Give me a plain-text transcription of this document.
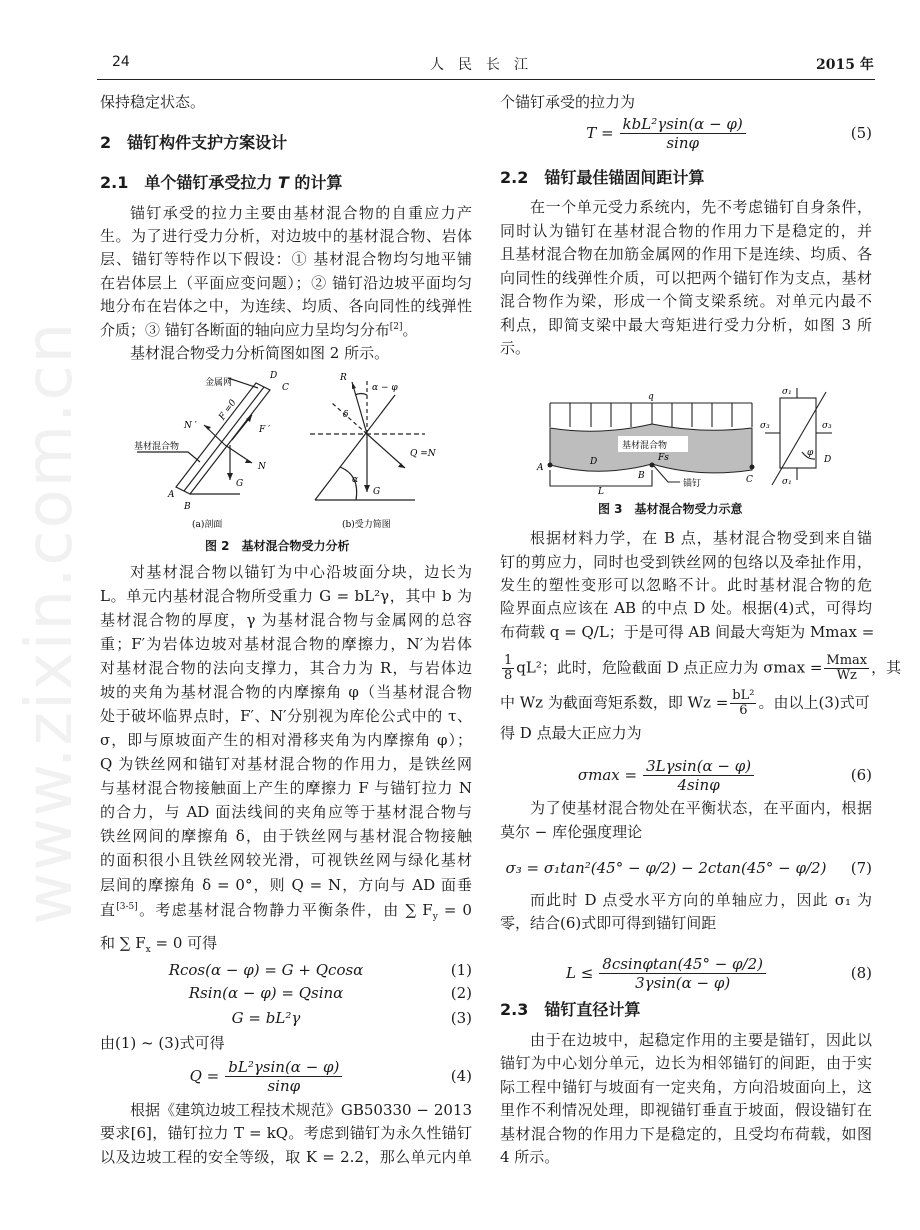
www.zixin.com.cn
24	人　民　长　江	2015 年
保持稳定状态。
2　锚钉构件支护方案设计
2.1　单个锚钉承受拉力 T 的计算
锚钉承受的拉力主要由基材混合物的自重应力产
生。为了进行受力分析，对边坡中的基材混合物、岩体
层、锚钉等特作以下假设：① 基材混合物均匀地平铺
在岩体层上（平面应变问题）；② 锚钉沿边坡平面均匀
地分布在岩体之中，为连续、均质、各向同性的线弹性
介质；③ 锚钉各断面的轴向应力呈均匀分布[2]。
基材混合物受力分析简图如图 2 所示。
金属网
D
C
N ′
F =0
F ′
基材混合物
N
G
A
B
R
α − φ
δ
Q =N
G
α
(a)剖面	(b)受力简图
图 2　基材混合物受力分析
对基材混合物以锚钉为中心沿坡面分块，边长为
L。单元内基材混合物所受重力 G = bL²γ，其中 b 为
基材混合物的厚度，γ 为基材混合物与金属网的总容
重；F′为岩体边坡对基材混合物的摩擦力，N′为岩体
对基材混合物的法向支撑力，其合力为 R，与岩体边
坡的夹角为基材混合物的内摩擦角 φ（当基材混合物
处于破坏临界点时，F′、N′分别视为库伦公式中的 τ、
σ，即与原坡面产生的相对滑移夹角为内摩擦角 φ）；
Q 为铁丝网和锚钉对基材混合物的作用力，是铁丝网
与基材混合物接触面上产生的摩擦力 F 与锚钉拉力 N
的合力，与 AD 面法线间的夹角应等于基材混合物与
铁丝网间的摩擦角 δ，由于铁丝网与基材混合物接触
的面积很小且铁丝网较光滑，可视铁丝网与绿化基材
层间的摩擦角 δ = 0°，则 Q = N，方向与 AD 面垂
直[3-5]。考虑基材混合物静力平衡条件，由 ∑ $F_y = 0$
和 ∑ $F_x = 0$ 可得
Rcos(α − φ) = G + Qcosα	(1)
Rsin(α − φ) = Qsinα	(2)
G = bL²γ	(3)
由(1) ~ (3)式可得
$Q = \frac{\text{bL²γsin(α − φ)}}{\sin\varphi}$	(4)
根据《建筑边坡工程技术规范》GB50330 − 2013
要求[6]，锚钉拉力 T = kQ。考虑到锚钉为永久性锚钉
以及边坡工程的安全等级，取 K = 2.2，那么单元内单
个锚钉承受的拉力为
$T = \frac{\text{kbL²γsin(α − φ)}}{\sin\varphi}$	(5)
2.2　锚钉最佳锚固间距计算
在一个单元受力系统内，先不考虑锚钉自身条件，
同时认为锚钉在基材混合物的作用力下是稳定的，并
且基材混合物在加筋金属网的作用下是连续、均质、各
向同性的线弹性介质，可以把两个锚钉作为支点，基材
混合物作为梁，形成一个简支梁系统。对单元内最不
利点，即简支梁中最大弯矩进行受力分析，如图 3 所
示。
q
基材混合物
A
D	Fs
B
L
C
锚钉
σ₁
σ₃	σ₃
φ
D
σ₁
图 3　基材混合物受力示意
根据材料力学，在 B 点，基材混合物受到来自锚
钉的剪应力，同时也受到铁丝网的包络以及牵扯作用，
发生的塑性变形可以忽略不计。此时基材混合物的危
险界面点应该在 AB 的中点 D 处。根据(4)式，可得均
布荷载 q = Q/L；于是可得 AB 间最大弯矩为 Mmax =
$\frac{1}{8} qL^2$；此时，危险截面 D 点正应力为 σmax = Mmax
Wz ，其
中 Wz 为截面弯矩系数，即 $Wz = \frac{\text{bL²}}{6}$ 。由以上(3)式可
得 D 点最大正应力为
$\sigma\max = \frac{3L\gamma\sin(\alpha - \varphi)}{4\sin\varphi}$	(6)
为了使基材混合物处在平衡状态，在平面内，根据
莫尔 − 库伦强度理论
σ₃ = σ₁tan²(45° − φ/2) − 2ctan(45° − φ/2)	(7)
而此时 D 点受水平方向的单轴应力，因此 σ₁ 为
零，结合(6)式即可得到锚钉间距
$L \le \frac{8csin\varphi\tan(45^\circ - \varphi/2)}{3\gamma\sin(\alpha - \varphi)}$	(8)
2.3　锚钉直径计算
由于在边坡中，起稳定作用的主要是锚钉，因此以
锚钉为中心划分单元，边长为相邻锚钉的间距，由于实
际工程中锚钉与坡面有一定夹角，方向沿坡面向上，这
里作不利情况处理，即视锚钉垂直于坡面，假设锚钉在
基材混合物的作用力下是稳定的，且受均布荷载，如图
4 所示。
